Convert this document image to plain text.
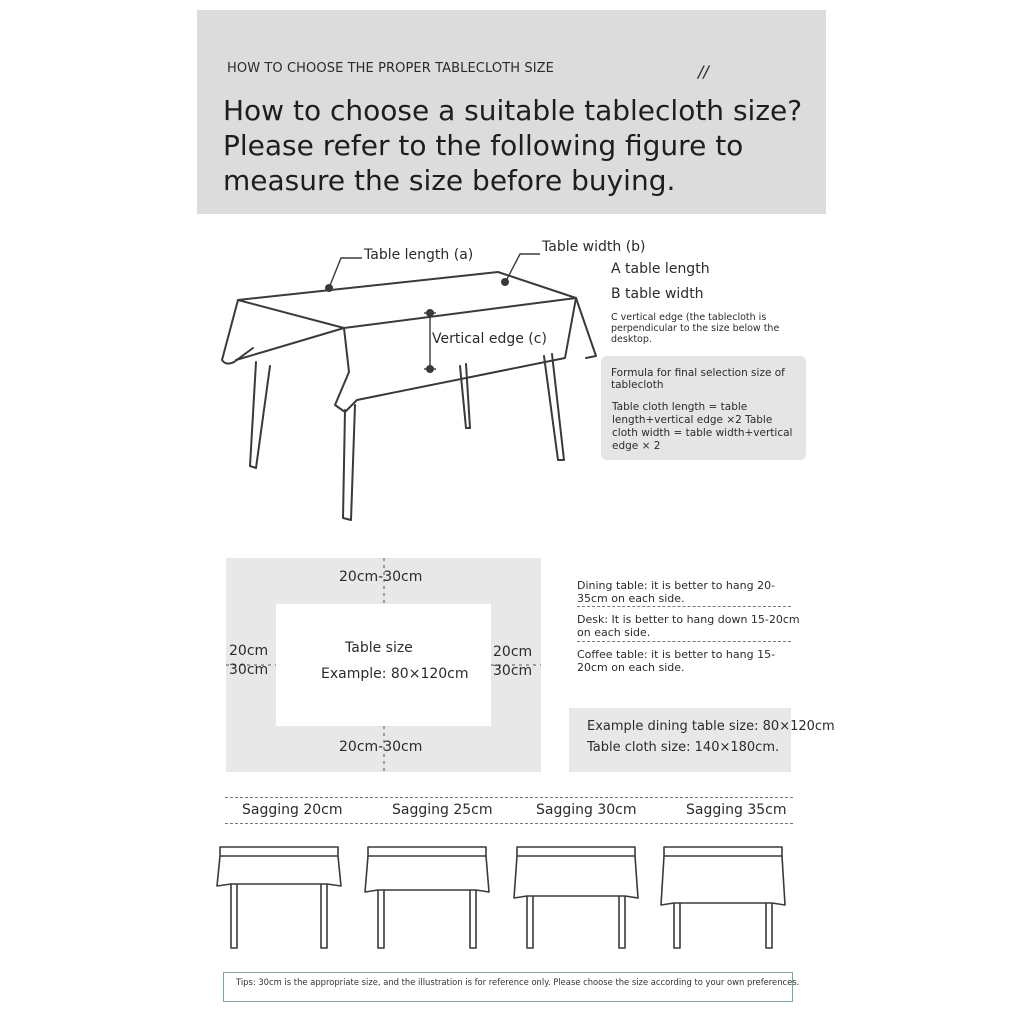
HOW TO CHOOSE THE PROPER TABLECLOTH SIZE	//
How to choose a suitable tablecloth size? Please refer to the following figure to measure the size before buying.
Table length (a)	Table width (b)
Vertical edge (c)
A table length
B table width
C vertical edge (the tablecloth is perpendicular to the size below the desktop.
Formula for final selection size of tablecloth
Table cloth length = table length+vertical edge ×2 Table cloth width = table width+vertical edge × 2
20cm-30cm
20cm-30cm
20cm
30cm
20cm
30cm
Table size
Example: 80×120cm
Dining table: it is better to hang 20-35cm on each side.
Desk: It is better to hang down 15-20cm on each side.
Coffee table: it is better to hang 15-20cm on each side.
Example dining table size: 80×120cm
Table cloth size: 140×180cm.
Sagging 20cm	Sagging 25cm	Sagging 30cm	Sagging 35cm
Tips: 30cm is the appropriate size, and the illustration is for reference only. Please choose the size according to your own preferences.
